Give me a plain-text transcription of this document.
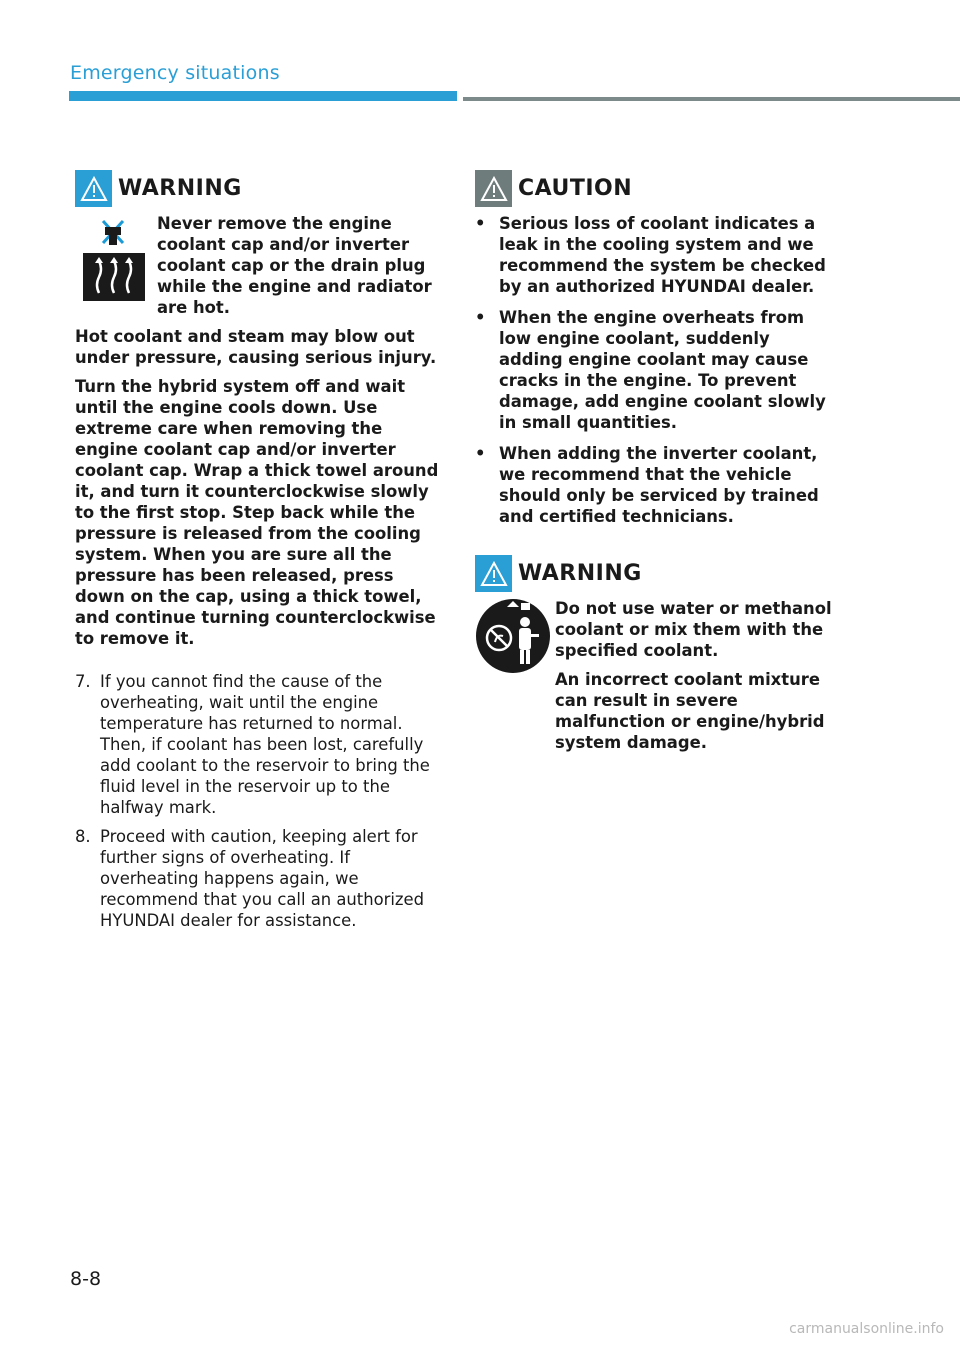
Emergency situations
WARNING

Never remove the engine coolant cap and/or inverter coolant cap or the drain plug while the engine and radiator are hot.

Hot coolant and steam may blow out under pressure, causing serious injury.

Turn the hybrid system off and wait until the engine cools down. Use extreme care when removing the engine coolant cap and/or inverter coolant cap. Wrap a thick towel around it, and turn it counterclockwise slowly to the first stop. Step back while the pressure is released from the cooling system. When you are sure all the pressure has been released, press down on the cap, using a thick towel, and continue turning counterclockwise to remove it.

7. If you cannot find the cause of the overheating, wait until the engine temperature has returned to normal. Then, if coolant has been lost, carefully add coolant to the reservoir to bring the fluid level in the reservoir up to the halfway mark.
8. Proceed with caution, keeping alert for further signs of overheating. If overheating happens again, we recommend that you call an authorized HYUNDAI dealer for assistance.
CAUTION
• Serious loss of coolant indicates a leak in the cooling system and we recommend the system be checked by an authorized HYUNDAI dealer.
• When the engine overheats from low engine coolant, suddenly adding engine coolant may cause cracks in the engine. To prevent damage, add engine coolant slowly in small quantities.
• When adding the inverter coolant, we recommend that the vehicle should only be serviced by trained and certified technicians.
WARNING

Do not use water or methanol coolant or mix them with the specified coolant.

An incorrect coolant mixture can result in severe malfunction or engine/hybrid system damage.

8-8
carmanualsonline.info
